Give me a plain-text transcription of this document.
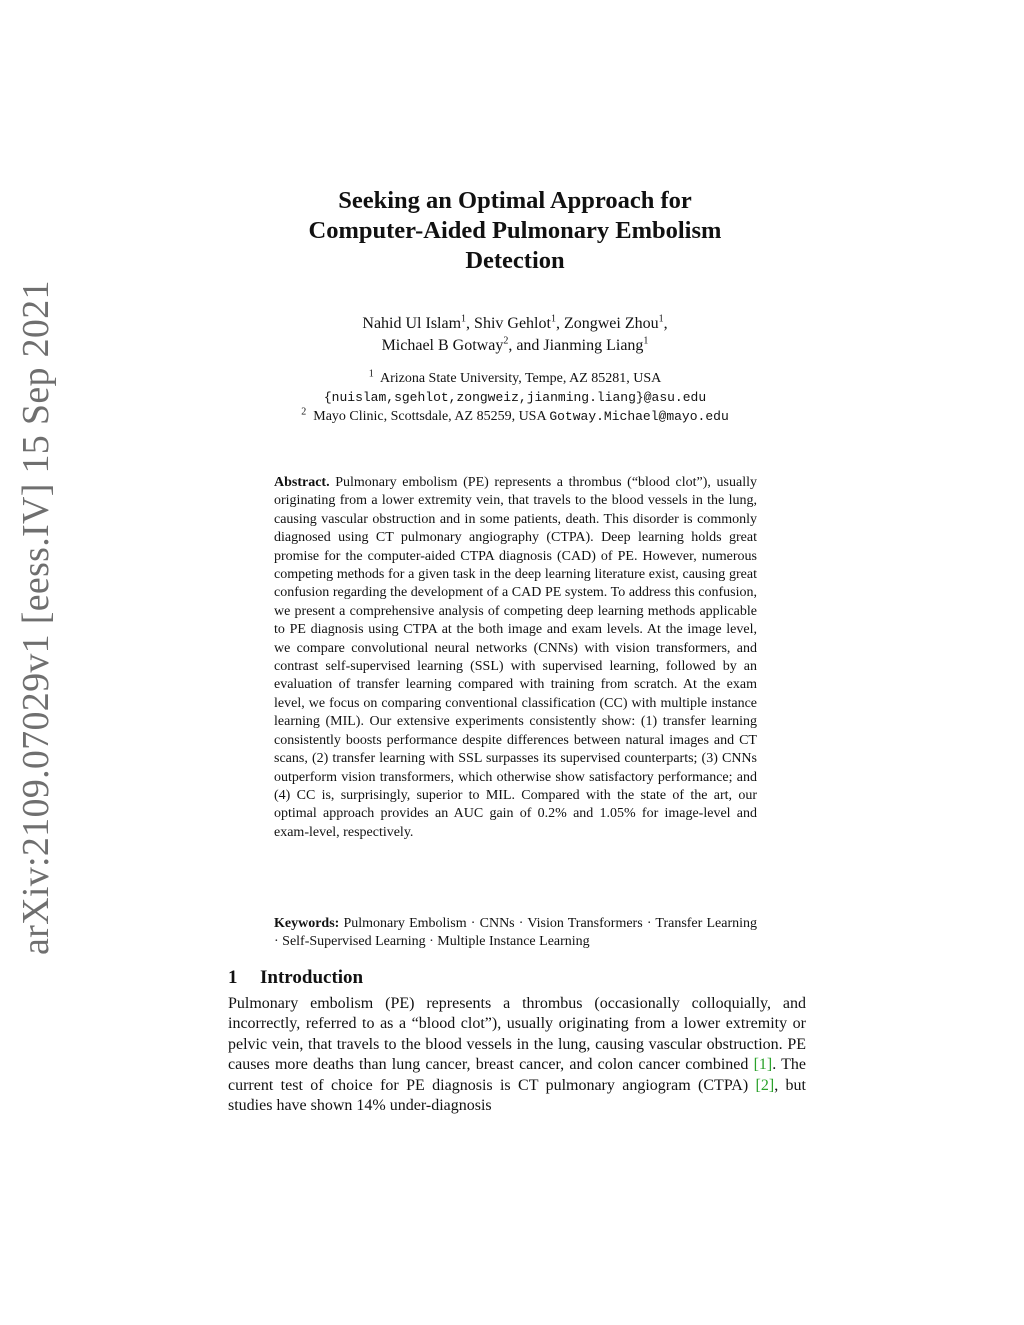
arXiv:2109.07029v1 [eess.IV] 15 Sep 2021
Seeking an Optimal Approach for
Computer-Aided Pulmonary Embolism
Detection
Nahid Ul Islam$^1$, Shiv Gehlot$^1$, Zongwei Zhou$^1$,
Michael B Gotway$^2$, and Jianming Liang$^1$
$^1$ Arizona State University, Tempe, AZ 85281, USA
{nuislam,sgehlot,zongweiz,jianming.liang}@asu.edu
$^2$ Mayo Clinic, Scottsdale, AZ 85259, USA Gotway.Michael@mayo.edu
Abstract. Pulmonary embolism (PE) represents a thrombus (“blood clot”), usually originating from a lower extremity vein, that travels to the blood vessels in the lung, causing vascular obstruction and in some patients, death. This disorder is commonly diagnosed using CT pulmonary angiography (CTPA). Deep learning holds great promise for the computer-aided CTPA diagnosis (CAD) of PE. However, numerous competing methods for a given task in the deep learning literature exist, causing great confusion regarding the development of a CAD PE system. To address this confusion, we present a comprehensive analysis of competing deep learning methods applicable to PE diagnosis using CTPA at the both image and exam levels. At the image level, we compare convolutional neural networks (CNNs) with vision transformers, and contrast self-supervised learning (SSL) with supervised learning, followed by an evaluation of transfer learning compared with training from scratch. At the exam level, we focus on comparing conventional classification (CC) with multiple instance learning (MIL). Our extensive experiments consistently show: (1) transfer learning consistently boosts performance despite differences between natural images and CT scans, (2) transfer learning with SSL surpasses its supervised counterparts; (3) CNNs outperform vision transformers, which otherwise show satisfactory performance; and (4) CC is, surprisingly, superior to MIL. Compared with the state of the art, our optimal approach provides an AUC gain of 0.2% and 1.05% for image-level and exam-level, respectively.
Keywords: Pulmonary Embolism · CNNs · Vision Transformers · Transfer Learning · Self-Supervised Learning · Multiple Instance Learning
1 Introduction
Pulmonary embolism (PE) represents a thrombus (occasionally colloquially, and incorrectly, referred to as a “blood clot”), usually originating from a lower extremity or pelvic vein, that travels to the blood vessels in the lung, causing vascular obstruction. PE causes more deaths than lung cancer, breast cancer, and colon cancer combined [1]. The current test of choice for PE diagnosis is CT pulmonary angiogram (CTPA) [2], but studies have shown 14% under-diagnosis
